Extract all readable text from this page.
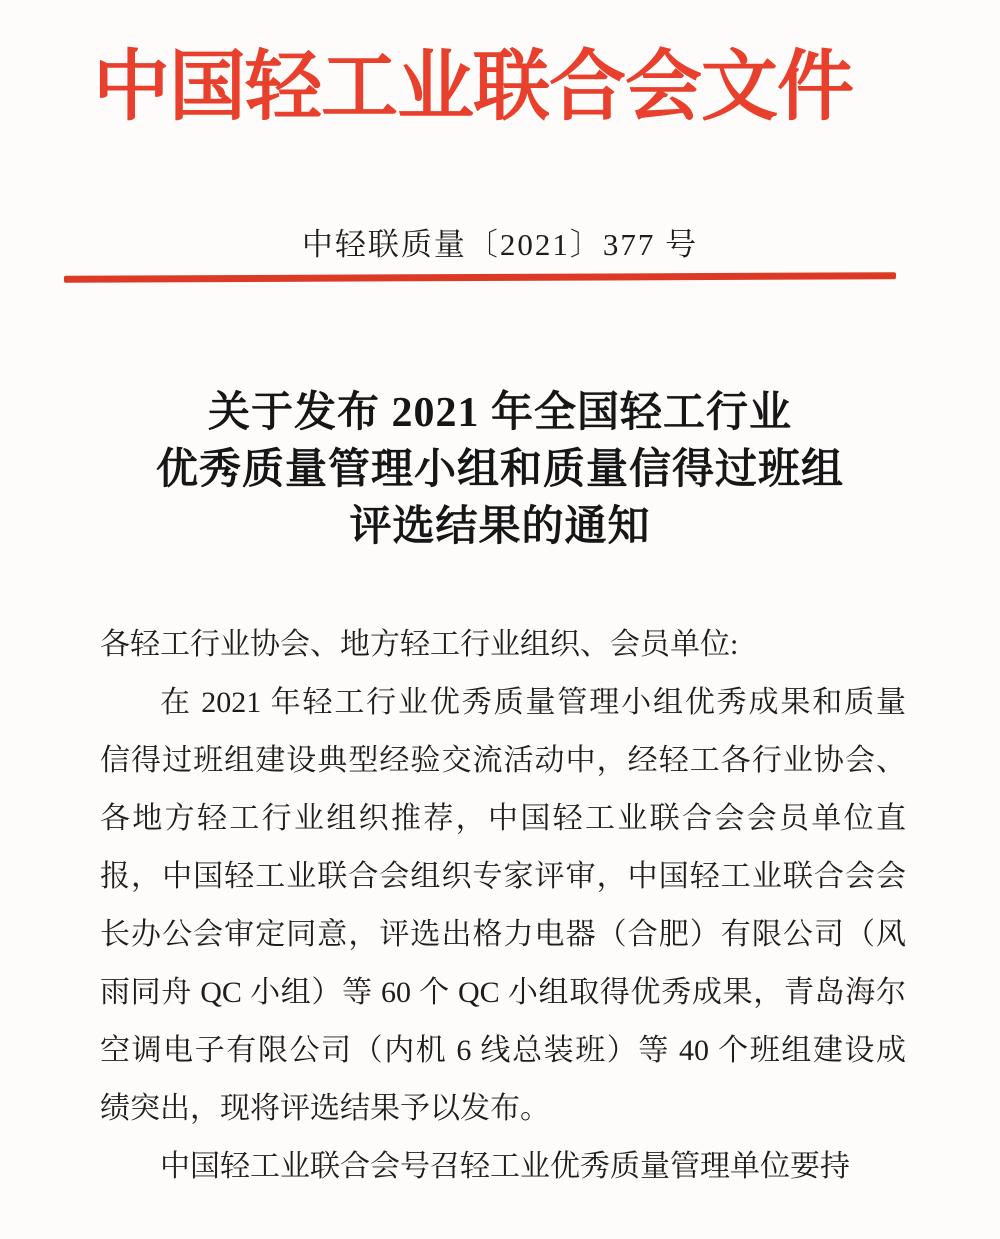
中国轻工业联合会文件
中轻联质量〔2021〕377 号
关于发布 2021 年全国轻工行业
优秀质量管理小组和质量信得过班组
评选结果的通知
各轻工行业协会、地方轻工行业组织、会员单位:
在 2021 年轻工行业优秀质量管理小组优秀成果和质量
信得过班组建设典型经验交流活动中，经轻工各行业协会、
各地方轻工行业组织推荐，中国轻工业联合会会员单位直
报，中国轻工业联合会组织专家评审，中国轻工业联合会会
长办公会审定同意，评选出格力电器（合肥）有限公司（风
雨同舟 QC 小组）等 60 个 QC 小组取得优秀成果，青岛海尔
空调电子有限公司（内机 6 线总装班）等 40 个班组建设成
绩突出，现将评选结果予以发布。
中国轻工业联合会号召轻工业优秀质量管理单位要持
